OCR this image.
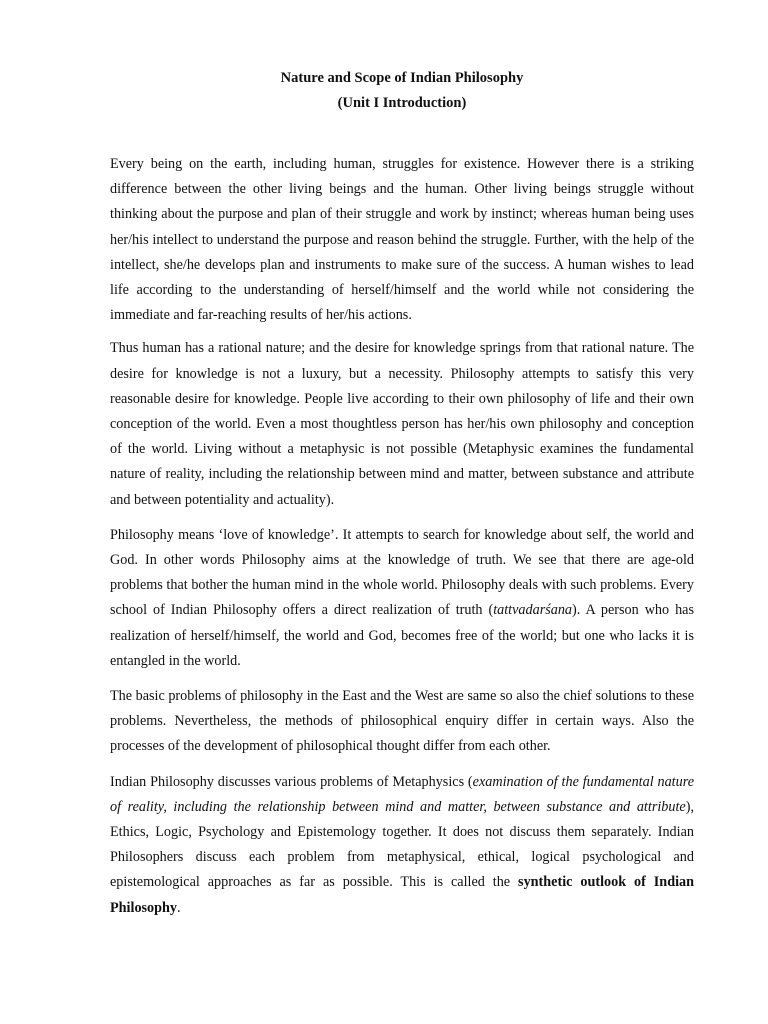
Nature and Scope of Indian Philosophy

(Unit I Introduction)

Every being on the earth, including human, struggles for existence. However there is a striking difference between the other living beings and the human. Other living beings struggle without thinking about the purpose and plan of their struggle and work by instinct; whereas human being uses her/his intellect to understand the purpose and reason behind the struggle. Further, with the help of the intellect, she/he develops plan and instruments to make sure of the success. A human wishes to lead life according to the understanding of herself/himself and the world while not considering the immediate and far-reaching results of her/his actions.

Thus human has a rational nature; and the desire for knowledge springs from that rational nature. The desire for knowledge is not a luxury, but a necessity. Philosophy attempts to satisfy this very reasonable desire for knowledge. People live according to their own philosophy of life and their own conception of the world. Even a most thoughtless person has her/his own philosophy and conception of the world. Living without a metaphysic is not possible (Metaphysic examines the fundamental nature of reality, including the relationship between mind and matter, between substance and attribute and between potentiality and actuality).

Philosophy means ‘love of knowledge’. It attempts to search for knowledge about self, the world and God. In other words Philosophy aims at the knowledge of truth. We see that there are age-old problems that bother the human mind in the whole world. Philosophy deals with such problems. Every school of Indian Philosophy offers a direct realization of truth (tattvadarśana). A person who has realization of herself/himself, the world and God, becomes free of the world; but one who lacks it is entangled in the world.

The basic problems of philosophy in the East and the West are same so also the chief solutions to these problems. Nevertheless, the methods of philosophical enquiry differ in certain ways. Also the processes of the development of philosophical thought differ from each other.

Indian Philosophy discusses various problems of Metaphysics (examination of the fundamental nature of reality, including the relationship between mind and matter, between substance and attribute), Ethics, Logic, Psychology and Epistemology together. It does not discuss them separately. Indian Philosophers discuss each problem from metaphysical, ethical, logical psychological and epistemological approaches as far as possible. This is called the synthetic outlook of Indian Philosophy.
